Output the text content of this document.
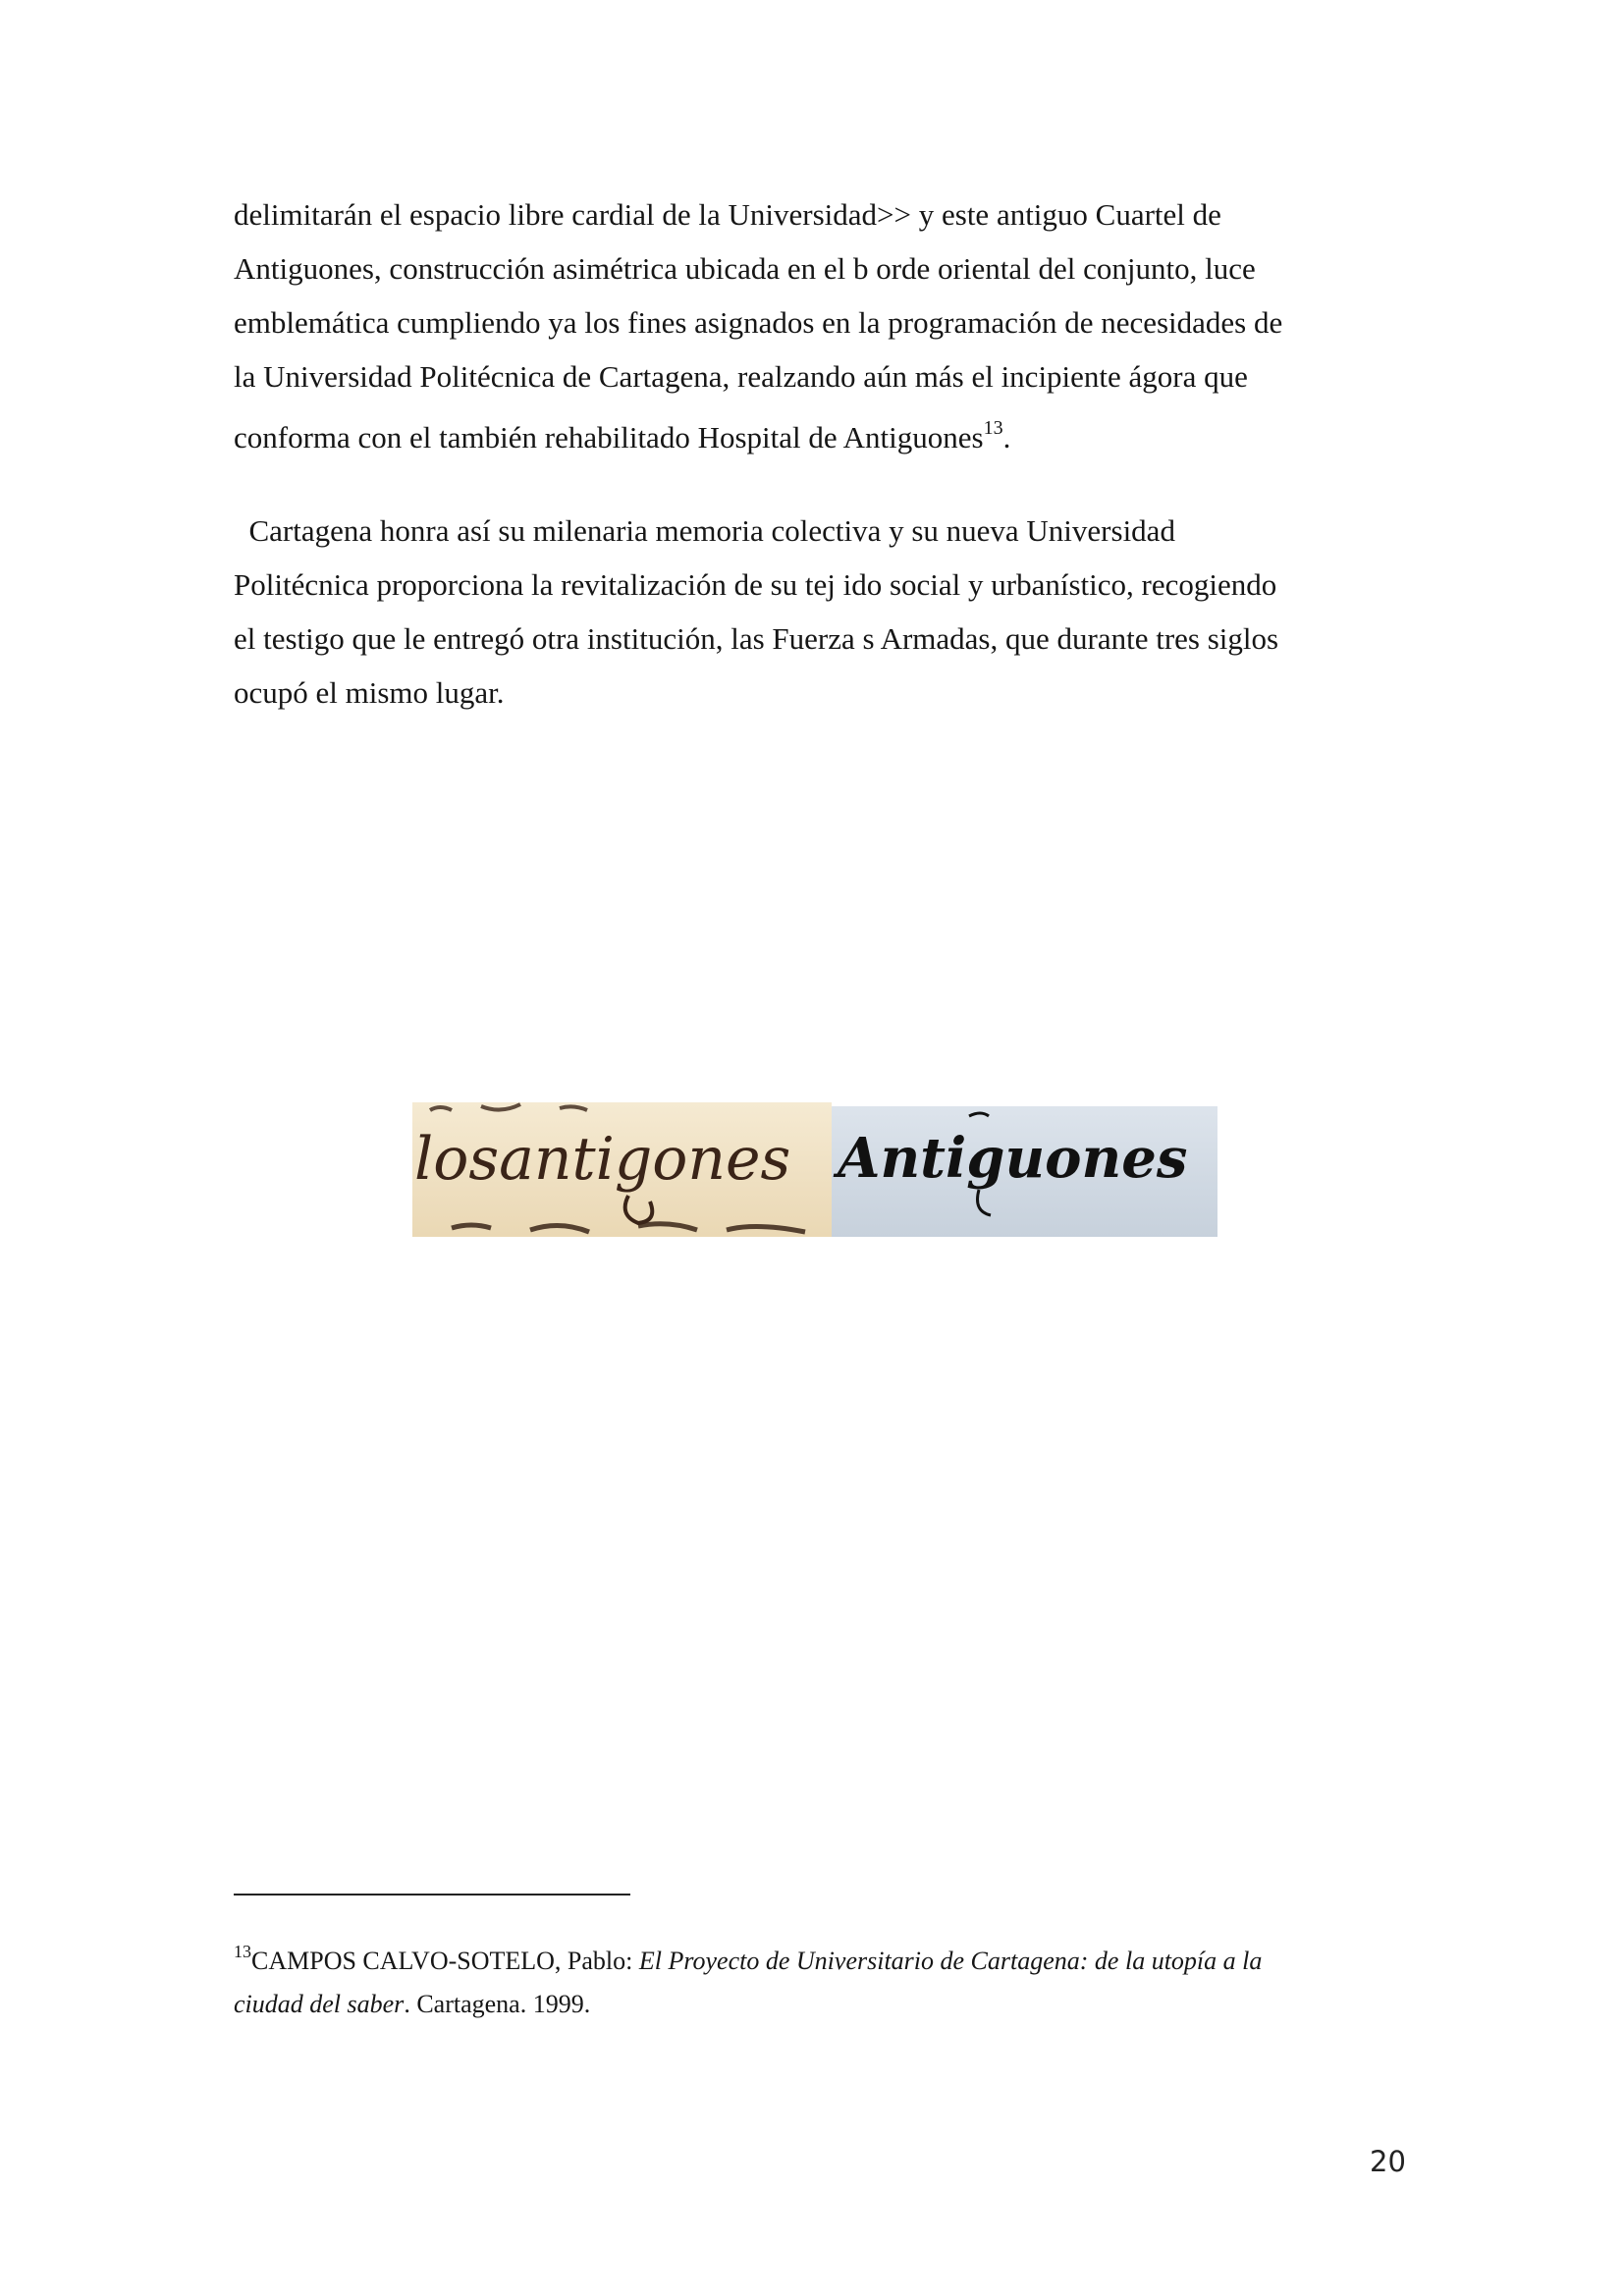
delimitarán el espacio libre cardial de la Universidad>> y este antiguo Cuartel de
Antiguones, construcción asimétrica ubicada en el b orde oriental del conjunto, luce
emblemática cumpliendo ya los fines asignados en la programación de necesidades de
la Universidad Politécnica de Cartagena, realzando aún más el incipiente ágora que
conforma con el también rehabilitado Hospital de Antiguones$^{13}$.

Cartagena honra así su milenaria memoria colectiva y su nueva Universidad
Politécnica proporciona la revitalización de su tej ido social y urbanístico, recogiendo
el testigo que le entregó otra institución, las Fuerza s Armadas, que durante tres siglos
ocupó el mismo lugar.

losantigones Antiguones

$^{13}$CAMPOS CALVO-SOTELO, Pablo: El Proyecto de Universitario de Cartagena: de la utopía a la
ciudad del saber. Cartagena. 1999.

20
